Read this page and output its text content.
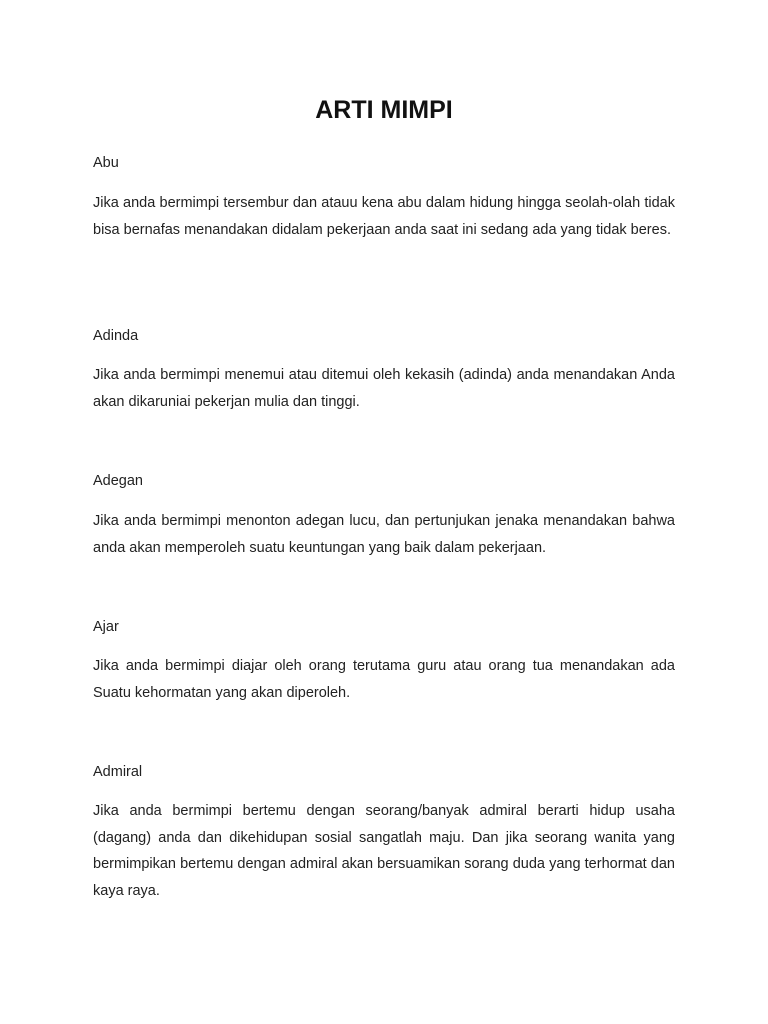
ARTI MIMPI

Abu

Jika anda bermimpi tersembur dan atauu kena abu dalam hidung hingga seolah-olah tidak bisa bernafas menandakan didalam pekerjaan anda saat ini sedang ada yang tidak beres.

Adinda

Jika anda bermimpi menemui atau ditemui oleh kekasih (adinda) anda menandakan Anda akan dikaruniai pekerjan mulia dan tinggi.

Adegan

Jika anda bermimpi menonton adegan lucu, dan pertunjukan jenaka menandakan bahwa anda akan memperoleh suatu keuntungan yang baik dalam pekerjaan.

Ajar

Jika anda bermimpi diajar oleh orang terutama guru atau orang tua menandakan ada Suatu kehormatan yang akan diperoleh.

Admiral

Jika anda bermimpi bertemu dengan seorang/banyak admiral berarti hidup usaha (dagang) anda dan dikehidupan sosial sangatlah maju. Dan jika seorang wanita yang bermimpikan bertemu dengan admiral akan bersuamikan sorang duda yang terhormat dan kaya raya.
